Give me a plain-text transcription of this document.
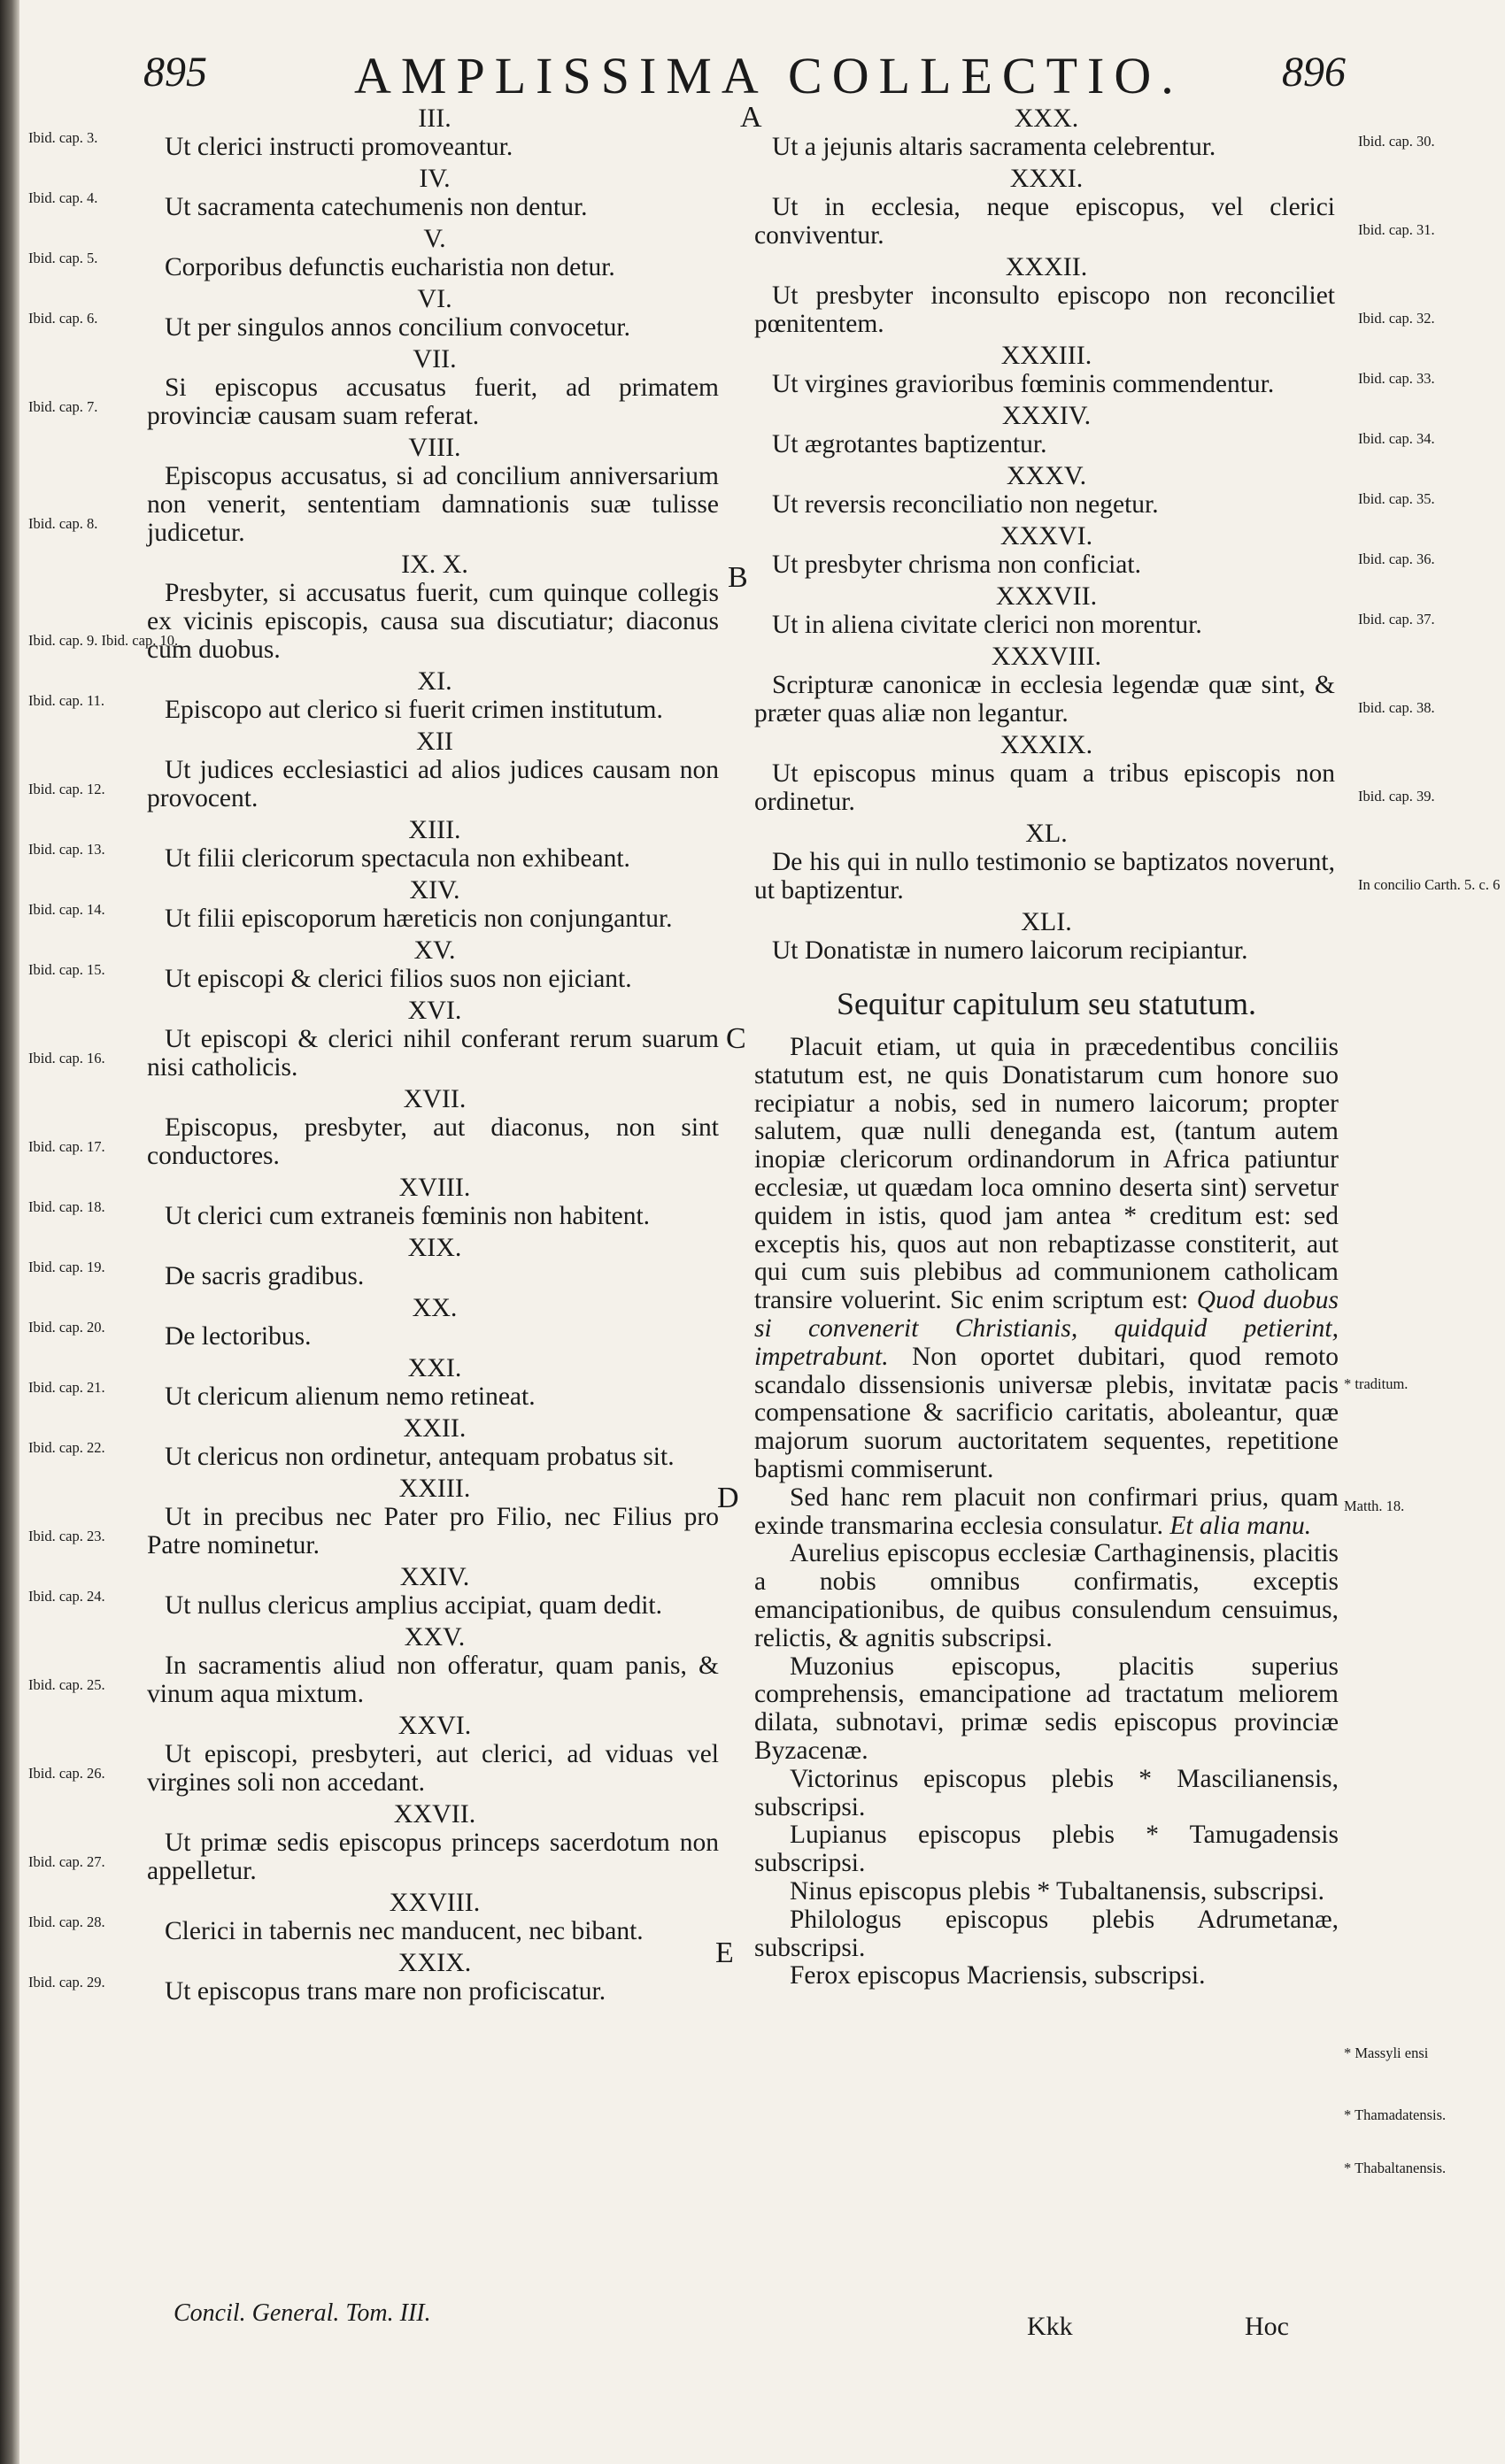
895	AMPLISSIMA COLLECTIO. 896
A
B
C
D
E
III.
Ut clerici instructi promoveantur.
Ibid. cap. 3.
IV.
Ut sacramenta catechumenis non dentur.
Ibid. cap. 4.
V.
Corporibus defunctis eucharistia non detur.
Ibid. cap. 5.
VI.
Ut per singulos annos concilium convocetur.
Ibid. cap. 6.
VII.
Si episcopus accusatus fuerit, ad primatem provinciæ causam suam referat.
Ibid. cap. 7.
VIII.
Episcopus accusatus, si ad concilium anniversarium non venerit, sententiam damnationis suæ tulisse judicetur.
Ibid. cap. 8.
IX. X.
Presbyter, si accusatus fuerit, cum quinque collegis ex vicinis episcopis, causa sua discutiatur; diaconus cum duobus.
Ibid. cap. 9. Ibid. cap. 10.
XI.
Episcopo aut clerico si fuerit crimen institutum.
Ibid. cap. 11.
XII
Ut judices ecclesiastici ad alios judices causam non provocent.
Ibid. cap. 12.
XIII.
Ut filii clericorum spectacula non exhibeant.
Ibid. cap. 13.
XIV.
Ut filii episcoporum hæreticis non conjungantur.
Ibid. cap. 14.
XV.
Ut episcopi & clerici filios suos non ejiciant.
Ibid. cap. 15.
XVI.
Ut episcopi & clerici nihil conferant rerum suarum nisi catholicis.
Ibid. cap. 16.
XVII.
Episcopus, presbyter, aut diaconus, non sint conductores.
Ibid. cap. 17.
XVIII.
Ut clerici cum extraneis fœminis non habitent.
Ibid. cap. 18.
XIX.
De sacris gradibus.
Ibid. cap. 19.
XX.
De lectoribus.
Ibid. cap. 20.
XXI.
Ut clericum alienum nemo retineat.
Ibid. cap. 21.
XXII.
Ut clericus non ordinetur, antequam probatus sit.
Ibid. cap. 22.
XXIII.
Ut in precibus nec Pater pro Filio, nec Filius pro Patre nominetur.
Ibid. cap. 23.
XXIV.
Ut nullus clericus amplius accipiat, quam dedit.
Ibid. cap. 24.
XXV.
In sacramentis aliud non offeratur, quam panis, & vinum aqua mixtum.
Ibid. cap. 25.
XXVI.
Ut episcopi, presbyteri, aut clerici, ad viduas vel virgines soli non accedant.
Ibid. cap. 26.
XXVII.
Ut primæ sedis episcopus princeps sacerdotum non appelletur.
Ibid. cap. 27.
XXVIII.
Clerici in tabernis nec manducent, nec bibant.
Ibid. cap. 28.
XXIX.
Ut episcopus trans mare non proficiscatur.
Ibid. cap. 29.
XXX.
Ut a jejunis altaris sacramenta celebrentur.	Ibid. cap. 30.
XXXI.
Ut in ecclesia, neque episcopus, vel clerici conviventur.	Ibid. cap. 31.
XXXII.
Ut presbyter inconsulto episcopo non reconciliet pœnitentem.	Ibid. cap. 32.
XXXIII.
Ut virgines gravioribus fœminis commendentur.	Ibid. cap. 33.
XXXIV.
Ut ægrotantes baptizentur.	Ibid. cap. 34.
XXXV.
Ut reversis reconciliatio non negetur.	Ibid. cap. 35.
XXXVI.
Ut presbyter chrisma non conficiat.	Ibid. cap. 36.
XXXVII.
Ut in aliena civitate clerici non morentur.	Ibid. cap. 37.
XXXVIII.
Scripturæ canonicæ in ecclesia legendæ quæ sint, & præter quas aliæ non legantur.	Ibid. cap. 38.
XXXIX.
Ut episcopus minus quam a tribus episcopis non ordinetur.	Ibid. cap. 39.
XL.
De his qui in nullo testimonio se baptizatos noverunt, ut baptizentur.	In concilio Carth. 5. c. 6
XLI.
Ut Donatistæ in numero laicorum recipiantur.
Sequitur capitulum seu statutum.
Placuit etiam, ut quia in præcedentibus conciliis statutum est, ne quis Donatistarum cum honore suo recipiatur a nobis, sed in numero laicorum; propter salutem, quæ nulli deneganda est, (tantum autem inopiæ clericorum ordinandorum in Africa patiuntur ecclesiæ, ut quædam loca omnino deserta sint) servetur quidem in istis, quod jam antea * creditum est: sed exceptis his, quos aut non rebaptizasse constiterit, aut qui cum suis plebibus ad communionem catholicam transire voluerint. Sic enim scriptum est: Quod duobus si convenerit Christianis, quidquid petierint, impetrabunt. Non oportet dubitari, quod remoto scandalo dissensionis universæ plebis, invitatæ pacis compensatione & sacrificio caritatis, aboleantur, quæ majorum suorum auctoritatem sequentes, repetitione baptismi commiserunt.
Sed hanc rem placuit non confirmari prius, quam exinde transmarina ecclesia consulatur. Et alia manu.
Aurelius episcopus ecclesiæ Carthaginensis, placitis a nobis omnibus confirmatis, exceptis emancipationibus, de quibus consulendum censuimus, relictis, & agnitis subscripsi.
Muzonius episcopus, placitis superius comprehensis, emancipatione ad tractatum meliorem dilata, subnotavi, primæ sedis episcopus provinciæ Byzacenæ.
Victorinus episcopus plebis * Mascilianensis, subscripsi.
Lupianus episcopus plebis * Tamugadensis subscripsi.
Ninus episcopus plebis * Tubaltanensis, subscripsi.
Philologus episcopus plebis Adrumetanæ, subscripsi.
Ferox episcopus Macriensis, subscripsi.
* traditum.
Matth. 18.
* Massyli ensi
* Thamadatensis.
* Thabaltanensis.
Concil. General. Tom. III.	Kkk	Hoc
